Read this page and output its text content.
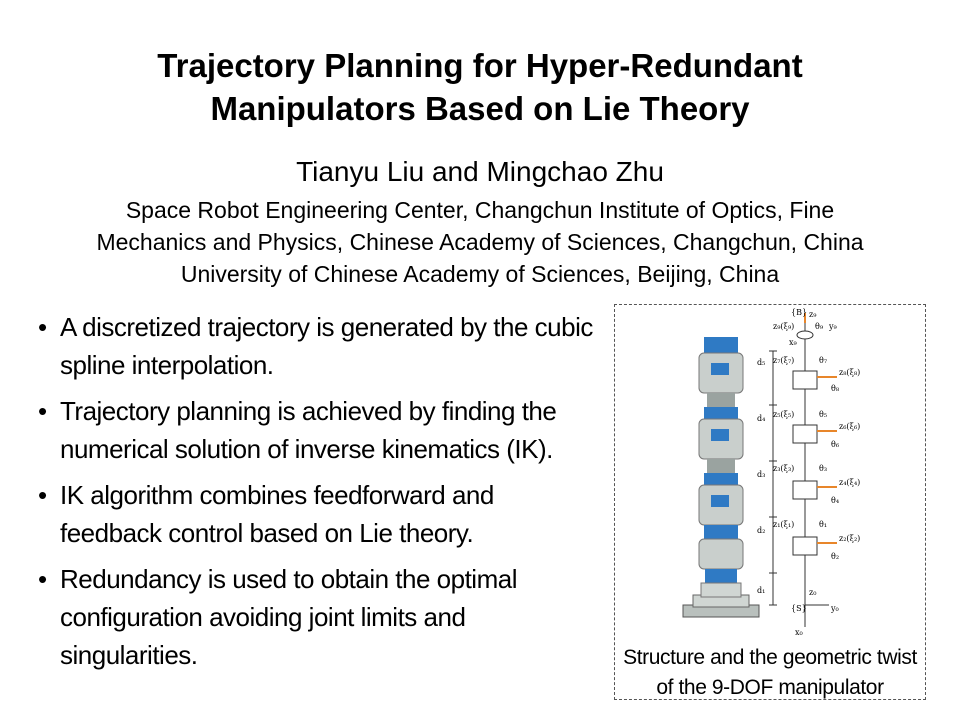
Trajectory Planning for Hyper-Redundant
Manipulators Based on Lie Theory
Tianyu Liu and Mingchao Zhu
Space Robot Engineering Center, Changchun Institute of Optics, Fine
Mechanics and Physics, Chinese Academy of Sciences, Changchun, China
University of Chinese Academy of Sciences, Beijing, China
• A discretized trajectory is generated by the cubic spline interpolation.
• Trajectory planning is achieved by finding the numerical solution of inverse kinematics (IK).
• IK algorithm combines feedforward and feedback control based on Lie theory.
• Redundancy is used to obtain the optimal configuration avoiding joint limits and singularities.
{B} z₉
z₉(ξ₉)	θ₉ y₉
x₉
z₇(ξ₇)	θ₇
z₈(ξ₈)
θ₈
z₅(ξ₅)	θ₅
z₆(ξ₆)
θ₆
z₃(ξ₃)	θ₃
z₄(ξ₄)
θ₄
z₁(ξ₁)	θ₁
z₂(ξ₂)
θ₂
z₀
{S}	y₀
x₀
d₅
d₄
d₃
d₂
d₁
Structure and the geometric twist of the 9-DOF manipulator
